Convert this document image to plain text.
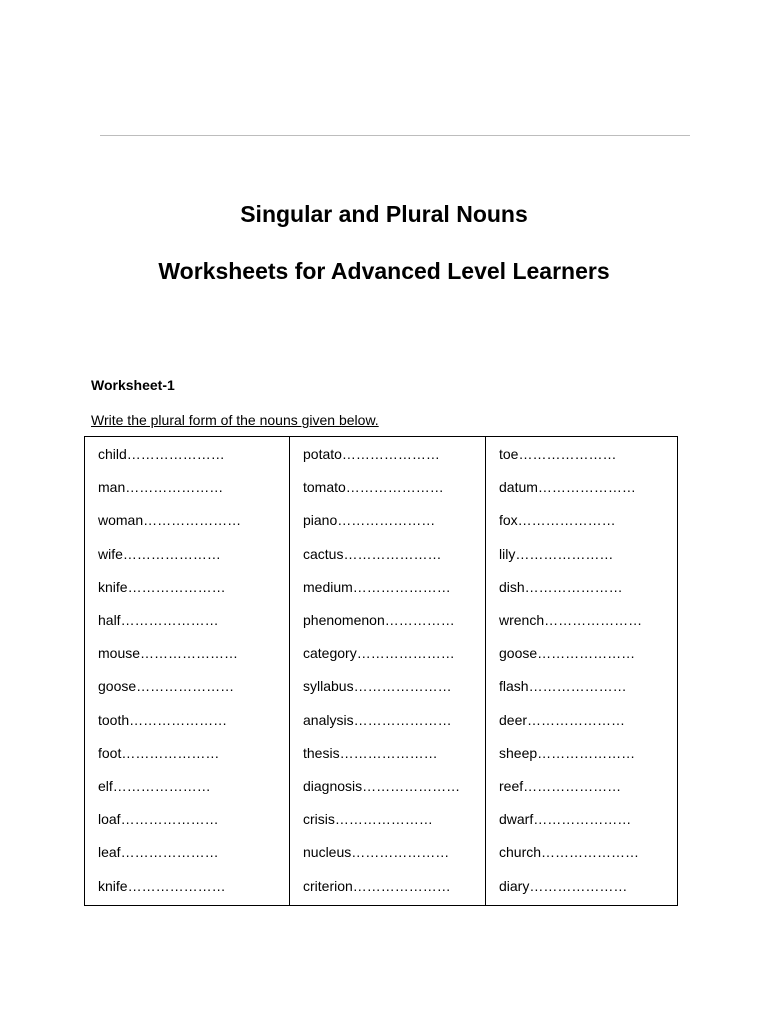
Singular and Plural Nouns
Worksheets for Advanced Level Learners
Worksheet-1
Write the plural form of the nouns given below.
child…………………
man…………………
woman…………………
wife…………………
knife…………………
half…………………
mouse…………………
goose…………………
tooth…………………
foot…………………
elf…………………
loaf…………………
leaf…………………
knife…………………
potato…………………
tomato…………………
piano…………………
cactus…………………
medium…………………
phenomenon……………
category…………………
syllabus…………………
analysis…………………
thesis…………………
diagnosis…………………
crisis…………………
nucleus…………………
criterion…………………
toe…………………
datum…………………
fox…………………
lily…………………
dish…………………
wrench…………………
goose…………………
flash…………………
deer…………………
sheep…………………
reef…………………
dwarf…………………
church…………………
diary…………………
